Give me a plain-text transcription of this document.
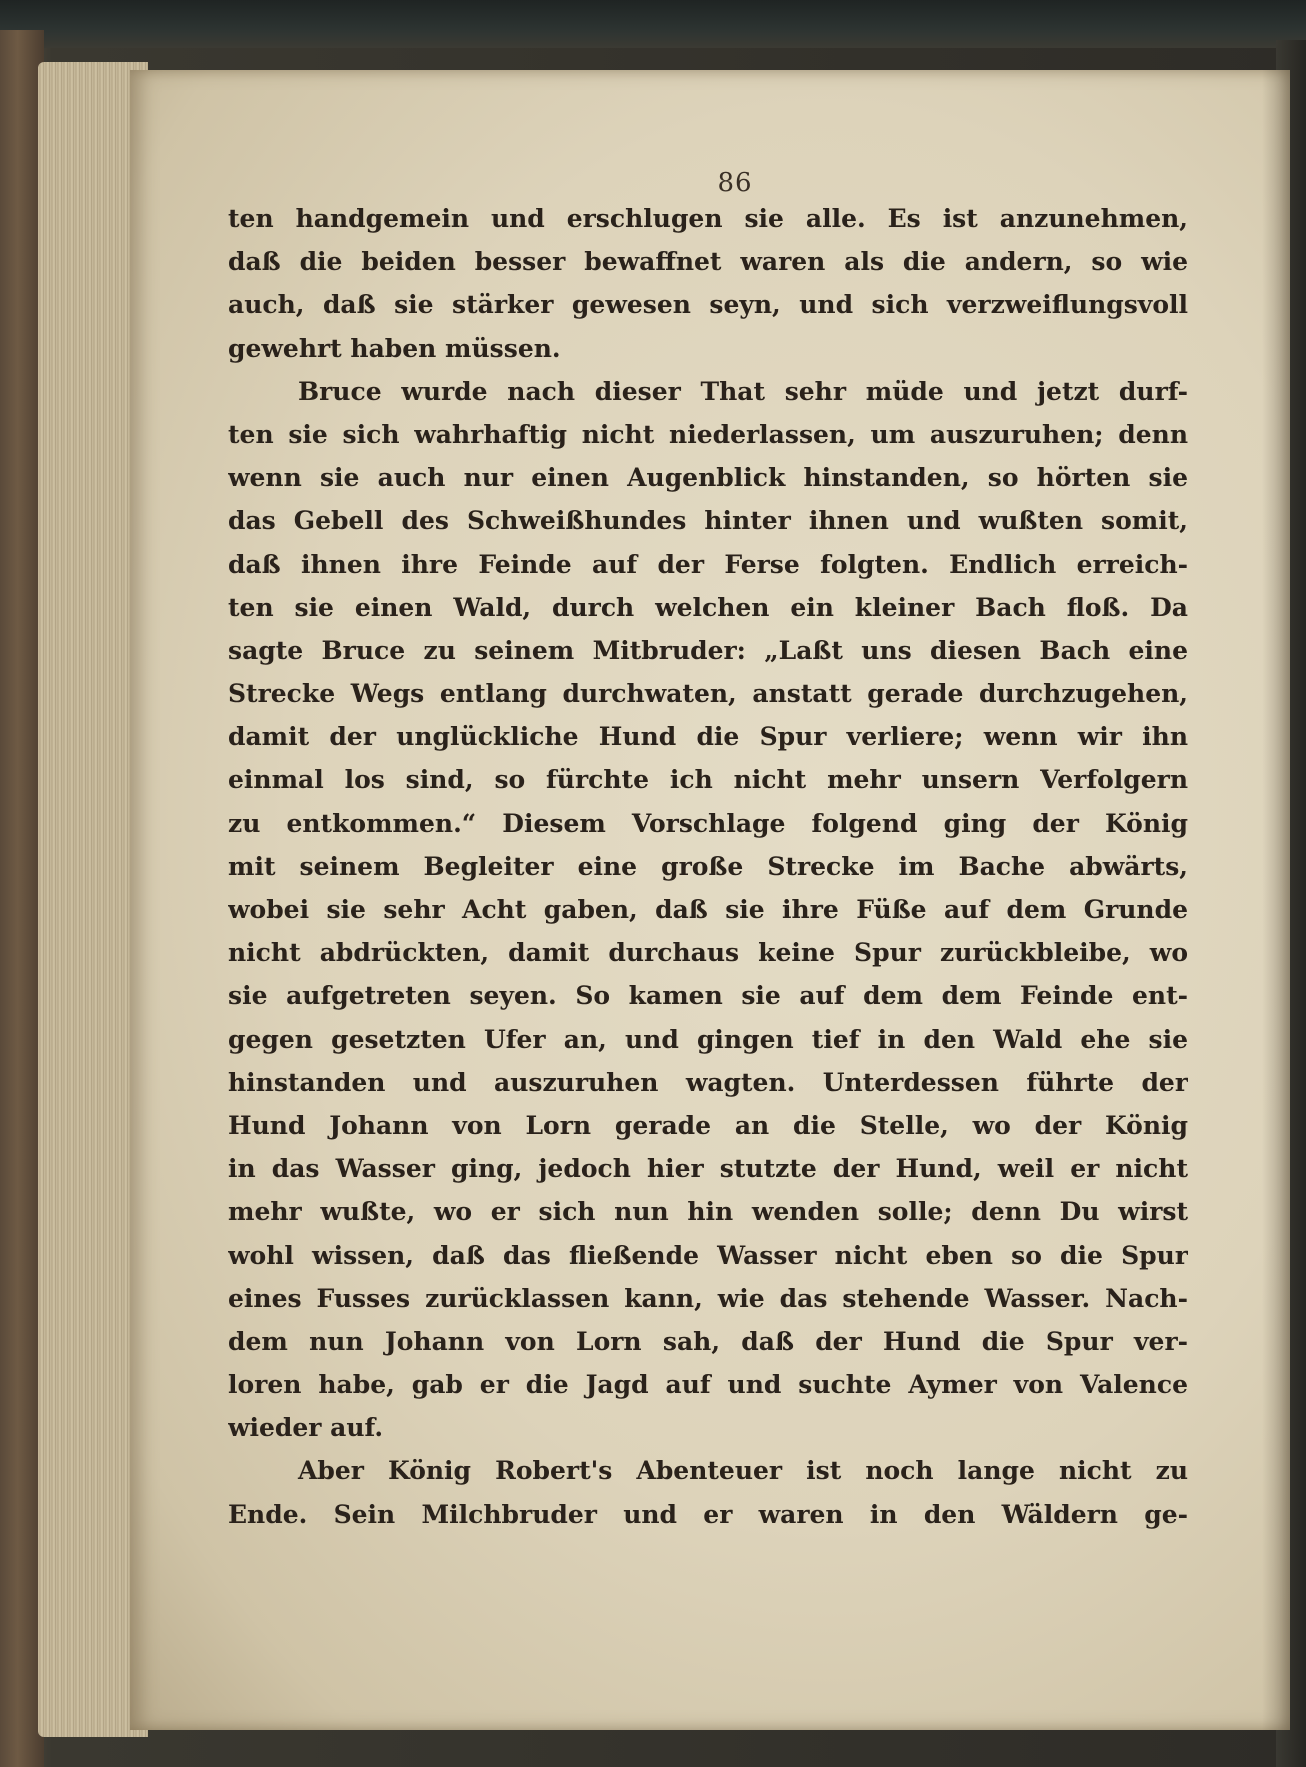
86
ten handgemein und erschlugen sie alle. Es ist anzunehmen,
daß die beiden besser bewaffnet waren als die andern, so wie
auch, daß sie stärker gewesen seyn, und sich verzweiflungsvoll
gewehrt haben müssen.
Bruce wurde nach dieser That sehr müde und jetzt durf-
ten sie sich wahrhaftig nicht niederlassen, um auszuruhen; denn
wenn sie auch nur einen Augenblick hinstanden, so hörten sie
das Gebell des Schweißhundes hinter ihnen und wußten somit,
daß ihnen ihre Feinde auf der Ferse folgten. Endlich erreich-
ten sie einen Wald, durch welchen ein kleiner Bach floß. Da
sagte Bruce zu seinem Mitbruder: „Laßt uns diesen Bach eine
Strecke Wegs entlang durchwaten, anstatt gerade durchzugehen,
damit der unglückliche Hund die Spur verliere; wenn wir ihn
einmal los sind, so fürchte ich nicht mehr unsern Verfolgern
zu entkommen.“ Diesem Vorschlage folgend ging der König
mit seinem Begleiter eine große Strecke im Bache abwärts,
wobei sie sehr Acht gaben, daß sie ihre Füße auf dem Grunde
nicht abdrückten, damit durchaus keine Spur zurückbleibe, wo
sie aufgetreten seyen. So kamen sie auf dem dem Feinde ent-
gegen gesetzten Ufer an, und gingen tief in den Wald ehe sie
hinstanden und auszuruhen wagten. Unterdessen führte der
Hund Johann von Lorn gerade an die Stelle, wo der König
in das Wasser ging, jedoch hier stutzte der Hund, weil er nicht
mehr wußte, wo er sich nun hin wenden solle; denn Du wirst
wohl wissen, daß das fließende Wasser nicht eben so die Spur
eines Fusses zurücklassen kann, wie das stehende Wasser. Nach-
dem nun Johann von Lorn sah, daß der Hund die Spur ver-
loren habe, gab er die Jagd auf und suchte Aymer von Valence
wieder auf.
Aber König Robert's Abenteuer ist noch lange nicht zu
Ende. Sein Milchbruder und er waren in den Wäldern ge-
